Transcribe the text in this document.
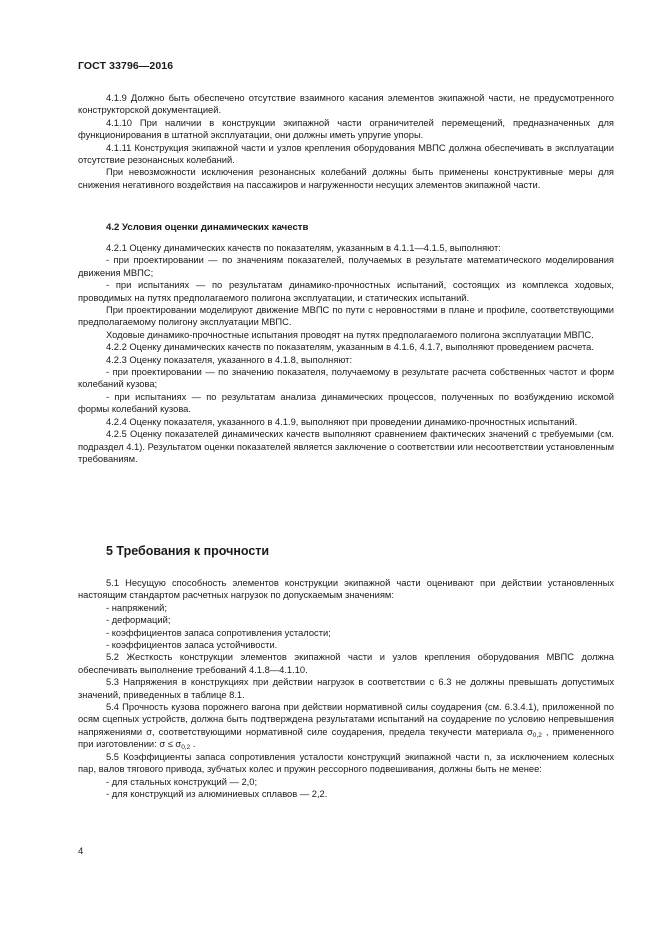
ГОСТ 33796—2016

4.1.9 Должно быть обеспечено отсутствие взаимного касания элементов экипажной части, не предусмотренного конструкторской документацией.

4.1.10 При наличии в конструкции экипажной части ограничителей перемещений, предназначенных для функционирования в штатной эксплуатации, они должны иметь упругие упоры.

4.1.11 Конструкция экипажной части и узлов крепления оборудования МВПС должна обеспечивать в эксплуатации отсутствие резонансных колебаний.

При невозможности исключения резонансных колебаний должны быть применены конструктивные меры для снижения негативного воздействия на пассажиров и нагруженности несущих элементов экипажной части.

4.2 Условия оценки динамических качеств

4.2.1 Оценку динамических качеств по показателям, указанным в 4.1.1—4.1.5, выполняют:

- при проектировании — по значениям показателей, получаемых в результате математического моделирования движения МВПС;

- при испытаниях — по результатам динамико-прочностных испытаний, состоящих из комплекса ходовых, проводимых на путях предполагаемого полигона эксплуатации, и статических испытаний.

При проектировании моделируют движение МВПС по пути с неровностями в плане и профиле, соответствующими предполагаемому полигону эксплуатации МВПС.

Ходовые динамико-прочностные испытания проводят на путях предполагаемого полигона эксплуатации МВПС.

4.2.2 Оценку динамических качеств по показателям, указанным в 4.1.6, 4.1.7, выполняют проведением расчета.

4.2.3 Оценку показателя, указанного в 4.1.8, выполняют:

- при проектировании — по значению показателя, получаемому в результате расчета собственных частот и форм колебаний кузова;

- при испытаниях — по результатам анализа динамических процессов, полученных по возбуждению искомой формы колебаний кузова.

4.2.4 Оценку показателя, указанного в 4.1.9, выполняют при проведении динамико-прочностных испытаний.

4.2.5 Оценку показателей динамических качеств выполняют сравнением фактических значений с требуемыми (см. подраздел 4.1). Результатом оценки показателей является заключение о соответствии или несоответствии установленным требованиям.

5 Требования к прочности

5.1 Несущую способность элементов конструкции экипажной части оценивают при действии установленных настоящим стандартом расчетных нагрузок по допускаемым значениям:

- напряжений;

- деформаций;

- коэффициентов запаса сопротивления усталости;

- коэффициентов запаса устойчивости.

5.2 Жесткость конструкции элементов экипажной части и узлов крепления оборудования МВПС должна обеспечивать выполнение требований 4.1.8—4.1.10.

5.3 Напряжения в конструкциях при действии нагрузок в соответствии с 6.3 не должны превышать допустимых значений, приведенных в таблице 8.1.

5.4 Прочность кузова порожнего вагона при действии нормативной силы соударения (см. 6.3.4.1), приложенной по осям сцепных устройств, должна быть подтверждена результатами испытаний на соударение по условию непревышения напряжениями σ, соответствующими нормативной силе соударения, предела текучести материала $\sigma_{0,2}$ , примененного при изготовлении: $\sigma \le \sigma_{0,2}$ .

5.5 Коэффициенты запаса сопротивления усталости конструкций экипажной части n, за исключением колесных пар, валов тягового привода, зубчатых колес и пружин рессорного подвешивания, должны быть не менее:

- для стальных конструкций — 2,0;

- для конструкций из алюминиевых сплавов — 2,2.

4
